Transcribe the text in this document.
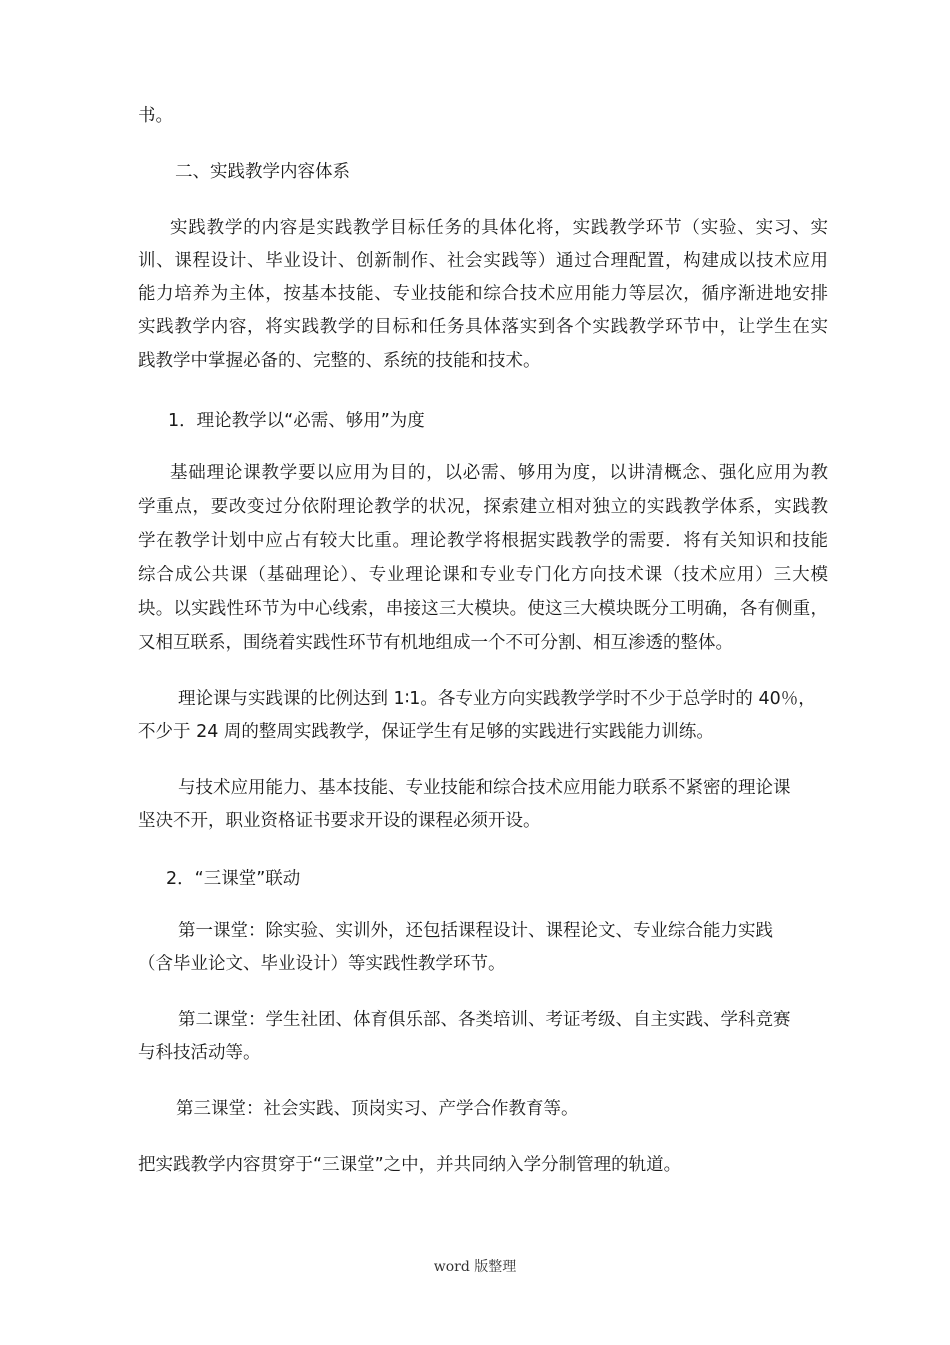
书。
二、实践教学内容体系
实践教学的内容是实践教学目标任务的具体化将，实践教学环节（实验、实习、实
训、课程设计、毕业设计、创新制作、社会实践等）通过合理配置，构建成以技术应用
能力培养为主体，按基本技能、专业技能和综合技术应用能力等层次，循序渐进地安排
实践教学内容，将实践教学的目标和任务具体落实到各个实践教学环节中，让学生在实
践教学中掌握必备的、完整的、系统的技能和技术。
1．理论教学以“必需、够用”为度
基础理论课教学要以应用为目的，以必需、够用为度，以讲清概念、强化应用为教
学重点，要改变过分依附理论教学的状况，探索建立相对独立的实践教学体系，实践教
学在教学计划中应占有较大比重。理论教学将根据实践教学的需要．将有关知识和技能
综合成公共课（基础理论）、专业理论课和专业专门化方向技术课（技术应用）三大模
块。以实践性环节为中心线索，串接这三大模块。使这三大模块既分工明确，各有侧重，
又相互联系，围绕着实践性环节有机地组成一个不可分割、相互渗透的整体。
理论课与实践课的比例达到 1∶1。各专业方向实践教学学时不少于总学时的 40％，
不少于 24 周的整周实践教学，保证学生有足够的实践进行实践能力训练。
与技术应用能力、基本技能、专业技能和综合技术应用能力联系不紧密的理论课
坚决不开，职业资格证书要求开设的课程必须开设。
2．“三课堂”联动
第一课堂：除实验、实训外，还包括课程设计、课程论文、专业综合能力实践
（含毕业论文、毕业设计）等实践性教学环节。
第二课堂：学生社团、体育俱乐部、各类培训、考证考级、自主实践、学科竞赛
与科技活动等。
第三课堂：社会实践、顶岗实习、产学合作教育等。
把实践教学内容贯穿于“三课堂”之中，并共同纳入学分制管理的轨道。
word 版整理
